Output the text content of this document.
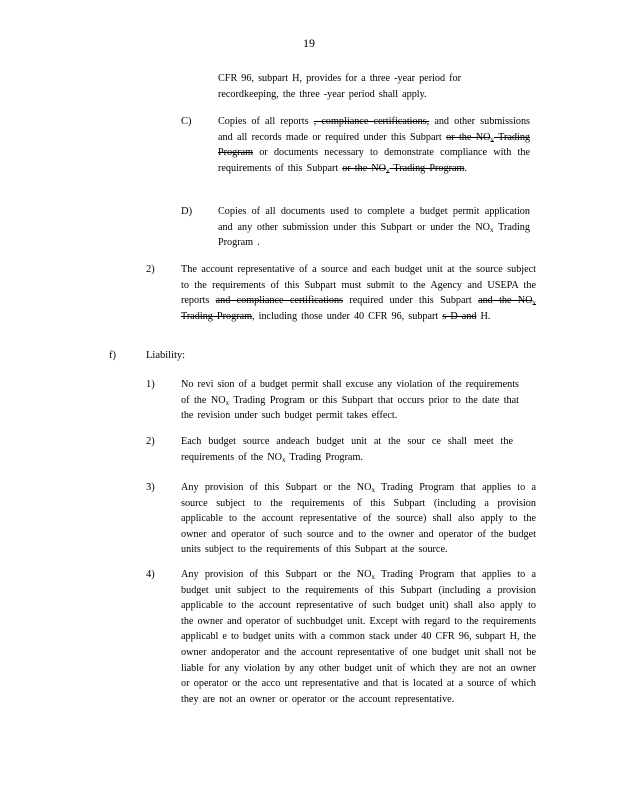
19
CFR 96, subpart H, provides for a three -year period for
recordkeeping, the three -year period shall apply.
C)	Copies of all reports , compliance certifications, and other submissions and all records made or required under this Subpart or the $NO_x$ Trading Program or documents necessary to demonstrate compliance with the requirements of this Subpart or the $NO_x$ Trading Program.
D)	Copies of all documents used to complete a budget permit application and any other submission under this Subpart or under the $NO_x$ Trading Program .
2)	The account representative of a source and each budget unit at the source subject to the requirements of this Subpart must submit to the Agency and USEPA the reports and compliance certifications required under this Subpart and the $NO_x$ Trading Program, including those under 40 CFR 96, subpart s D and H.
f)	Liability:
1)	No revi sion of a budget permit shall excuse any violation of the requirements of the $NO_x$ Trading Program or this Subpart that occurs prior to the date that the revision under such budget permit takes effect.
2)	Each budget source andeach budget unit at the sour ce shall meet the requirements of the $NO_x$ Trading Program.
3)	Any provision of this Subpart or the $NO_x$ Trading Program that applies to a source subject to the requirements of this Subpart (including a provision applicable to the account representative of the source) shall also apply to the owner and operator of such source and to the owner and operator of the budget units subject to the requirements of this Subpart at the source.
4)	Any provision of this Subpart or the $NO_x$ Trading Program that applies to a budget unit subject to the requirements of this Subpart (including a provision applicable to the account representative of such budget unit) shall also apply to the owner and operator of suchbudget unit. Except with regard to the requirements applicabl e to budget units with a common stack under 40 CFR 96, subpart H, the owner andoperator and the account representative of one budget unit shall not be liable for any violation by any other budget unit of which they are not an owner or operator or the acco unt representative and that is located at a source of which they are not an owner or operator or the account representative.
